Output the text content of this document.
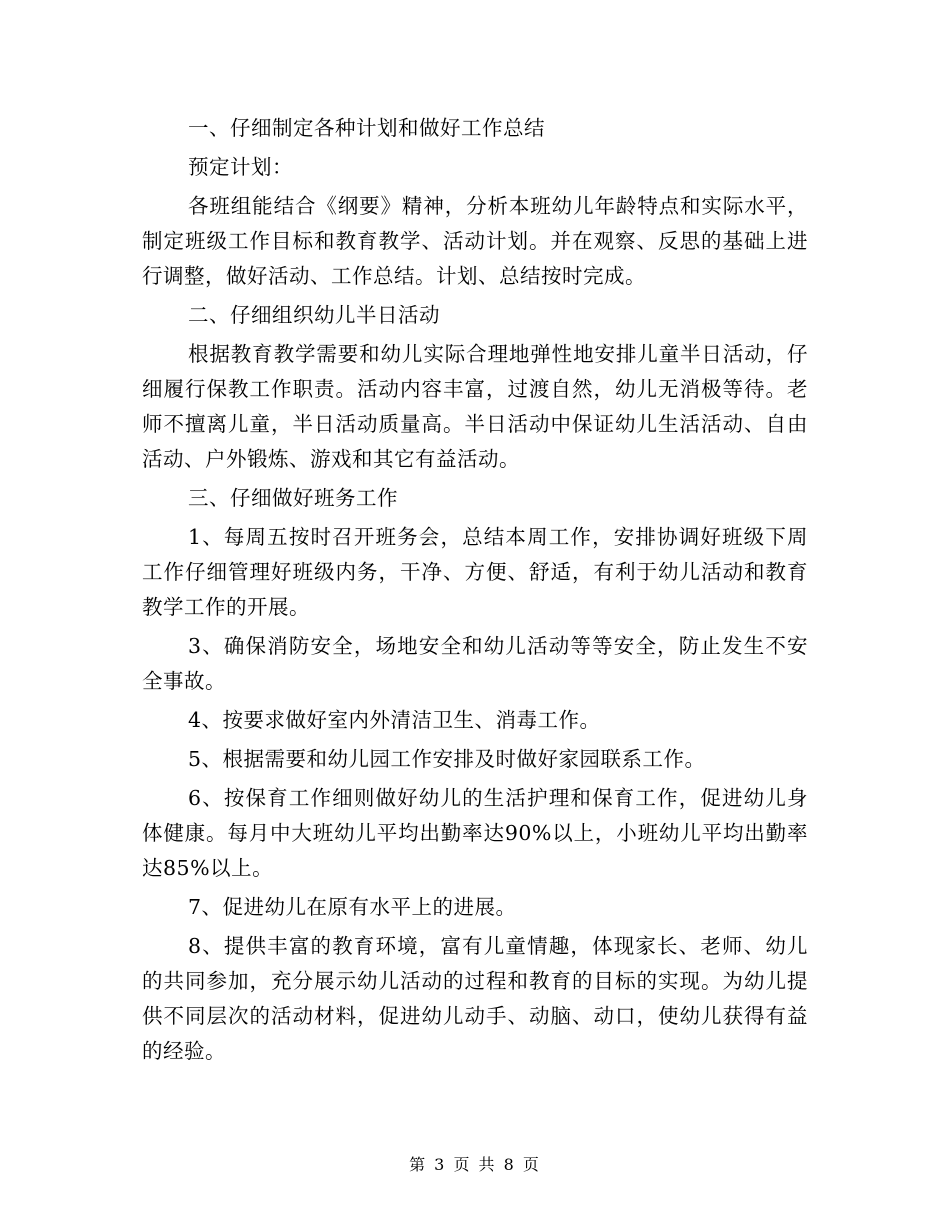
一、仔细制定各种计划和做好工作总结

预定计划：

各班组能结合《纲要》精神，分析本班幼儿年龄特点和实际水平，制定班级工作目标和教育教学、活动计划。并在观察、反思的基础上进行调整，做好活动、工作总结。计划、总结按时完成。

二、仔细组织幼儿半日活动

根据教育教学需要和幼儿实际合理地弹性地安排儿童半日活动，仔细履行保教工作职责。活动内容丰富，过渡自然，幼儿无消极等待。老师不擅离儿童，半日活动质量高。半日活动中保证幼儿生活活动、自由活动、户外锻炼、游戏和其它有益活动。

三、仔细做好班务工作

1、每周五按时召开班务会，总结本周工作，安排协调好班级下周工作仔细管理好班级内务，干净、方便、舒适，有利于幼儿活动和教育教学工作的开展。

3、确保消防安全，场地安全和幼儿活动等等安全，防止发生不安全事故。

4、按要求做好室内外清洁卫生、消毒工作。

5、根据需要和幼儿园工作安排及时做好家园联系工作。

6、按保育工作细则做好幼儿的生活护理和保育工作，促进幼儿身体健康。每月中大班幼儿平均出勤率达90%以上，小班幼儿平均出勤率达85%以上。

7、促进幼儿在原有水平上的进展。

8、提供丰富的教育环境，富有儿童情趣，体现家长、老师、幼儿的共同参加，充分展示幼儿活动的过程和教育的目标的实现。为幼儿提供不同层次的活动材料，促进幼儿动手、动脑、动口，使幼儿获得有益的经验。

第 3 页 共 8 页
